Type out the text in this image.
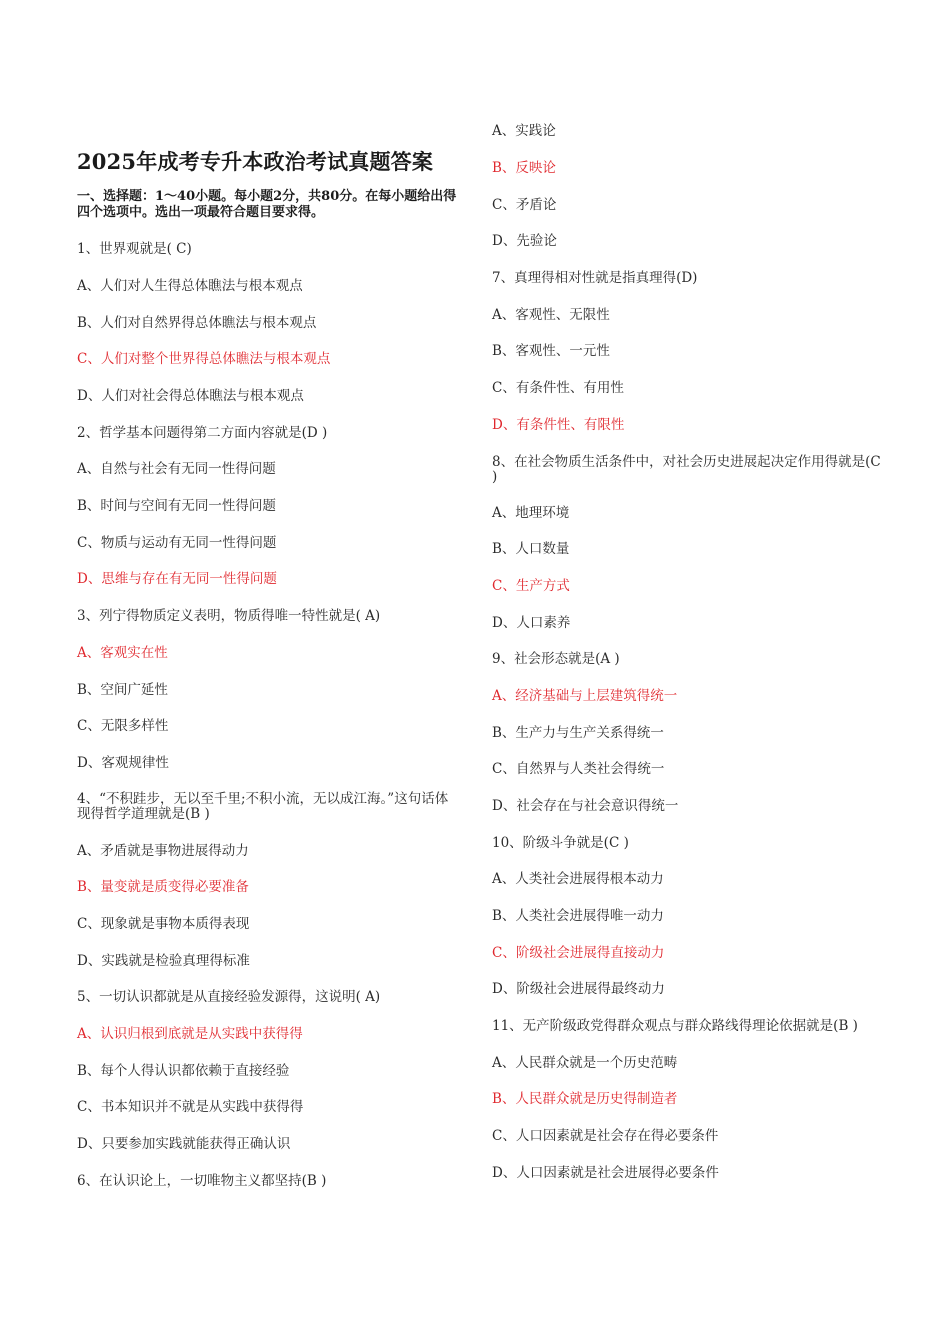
2025年成考专升本政治考试真题答案
一、选择题：1～40小题。每小题2分，共80分。在每小题给出得四个选项中。选出一项最符合题目要求得。
1、世界观就是( C)
A、人们对人生得总体瞧法与根本观点
B、人们对自然界得总体瞧法与根本观点
C、人们对整个世界得总体瞧法与根本观点
D、人们对社会得总体瞧法与根本观点
2、哲学基本问题得第二方面内容就是(D )
A、自然与社会有无同一性得问题
B、时间与空间有无同一性得问题
C、物质与运动有无同一性得问题
D、思维与存在有无同一性得问题
3、列宁得物质定义表明，物质得唯一特性就是( A)
A、客观实在性
B、空间广延性
C、无限多样性
D、客观规律性
4、“不积跬步，无以至千里;不积小流，无以成江海。”这句话体现得哲学道理就是(B )
A、矛盾就是事物进展得动力
B、量变就是质变得必要准备
C、现象就是事物本质得表现
D、实践就是检验真理得标准
5、一切认识都就是从直接经验发源得，这说明( A)
A、认识归根到底就是从实践中获得得
B、每个人得认识都依赖于直接经验
C、书本知识并不就是从实践中获得得
D、只要参加实践就能获得正确认识
6、在认识论上，一切唯物主义都坚持(B )
A、实践论
B、反映论
C、矛盾论
D、先验论
7、真理得相对性就是指真理得(D)
A、客观性、无限性
B、客观性、一元性
C、有条件性、有用性
D、有条件性、有限性
8、在社会物质生活条件中，对社会历史进展起决定作用得就是(C )
A、地理环境
B、人口数量
C、生产方式
D、人口素养
9、社会形态就是(A )
A、经济基础与上层建筑得统一
B、生产力与生产关系得统一
C、自然界与人类社会得统一
D、社会存在与社会意识得统一
10、阶级斗争就是(C )
A、人类社会进展得根本动力
B、人类社会进展得唯一动力
C、阶级社会进展得直接动力
D、阶级社会进展得最终动力
11、无产阶级政党得群众观点与群众路线得理论依据就是(B )
A、人民群众就是一个历史范畴
B、人民群众就是历史得制造者
C、人口因素就是社会存在得必要条件
D、人口因素就是社会进展得必要条件
